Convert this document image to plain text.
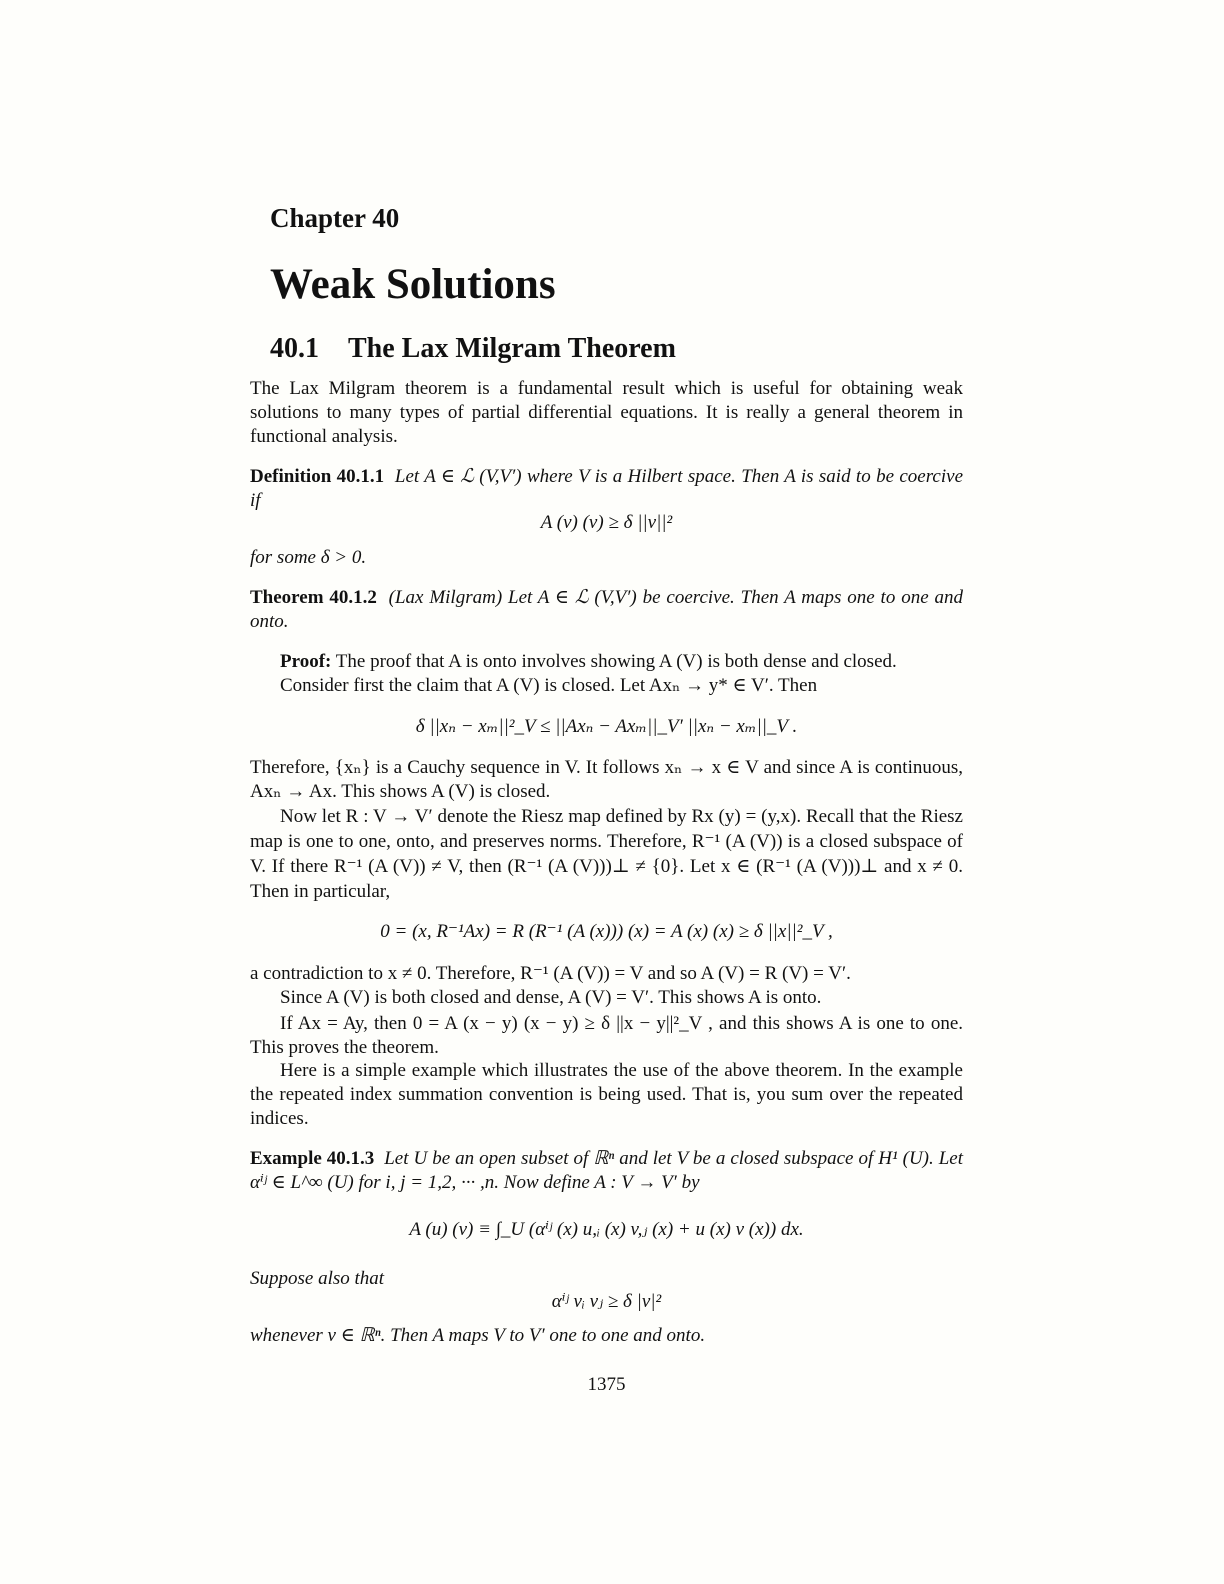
Chapter 40
Weak Solutions
40.1 The Lax Milgram Theorem
The Lax Milgram theorem is a fundamental result which is useful for obtaining weak solutions to many types of partial differential equations. It is really a general theorem in functional analysis.
Definition 40.1.1 Let A ∈ ℒ (V,V′) where V is a Hilbert space. Then A is said to be coercive if
A (v) (v) ≥ δ ||v||²
for some δ > 0.
Theorem 40.1.2 (Lax Milgram) Let A ∈ ℒ (V,V′) be coercive. Then A maps one to one and onto.
Proof: The proof that A is onto involves showing A (V) is both dense and closed.
Consider first the claim that A (V) is closed. Let Axₙ → y* ∈ V′. Then
δ ||xₙ − xₘ||²_V ≤ ||Axₙ − Axₘ||_V′ ||xₙ − xₘ||_V .
Therefore, {xₙ} is a Cauchy sequence in V. It follows xₙ → x ∈ V and since A is continuous, Axₙ → Ax. This shows A (V) is closed.
Now let R : V → V′ denote the Riesz map defined by Rx (y) = (y,x). Recall that the Riesz map is one to one, onto, and preserves norms. Therefore, R⁻¹ (A (V)) is a closed subspace of V. If there R⁻¹ (A (V)) ≠ V, then (R⁻¹ (A (V)))⊥ ≠ {0}. Let x ∈ (R⁻¹ (A (V)))⊥ and x ≠ 0. Then in particular,
0 = (x, R⁻¹Ax) = R (R⁻¹ (A (x))) (x) = A (x) (x) ≥ δ ||x||²_V ,
a contradiction to x ≠ 0. Therefore, R⁻¹ (A (V)) = V and so A (V) = R (V) = V′.
Since A (V) is both closed and dense, A (V) = V′. This shows A is onto.
If Ax = Ay, then 0 = A (x − y) (x − y) ≥ δ ||x − y||²_V , and this shows A is one to one. This proves the theorem.
Here is a simple example which illustrates the use of the above theorem. In the example the repeated index summation convention is being used. That is, you sum over the repeated indices.
Example 40.1.3 Let U be an open subset of ℝⁿ and let V be a closed subspace of H¹ (U). Let αⁱʲ ∈ L^∞ (U) for i, j = 1,2, ··· ,n. Now define A : V → V′ by
A (u) (v) ≡ ∫_U (αⁱʲ (x) u,ᵢ (x) v,ⱼ (x) + u (x) v (x)) dx.
Suppose also that
αⁱʲ vᵢ vⱼ ≥ δ |v|²
whenever v ∈ ℝⁿ. Then A maps V to V′ one to one and onto.
1375
